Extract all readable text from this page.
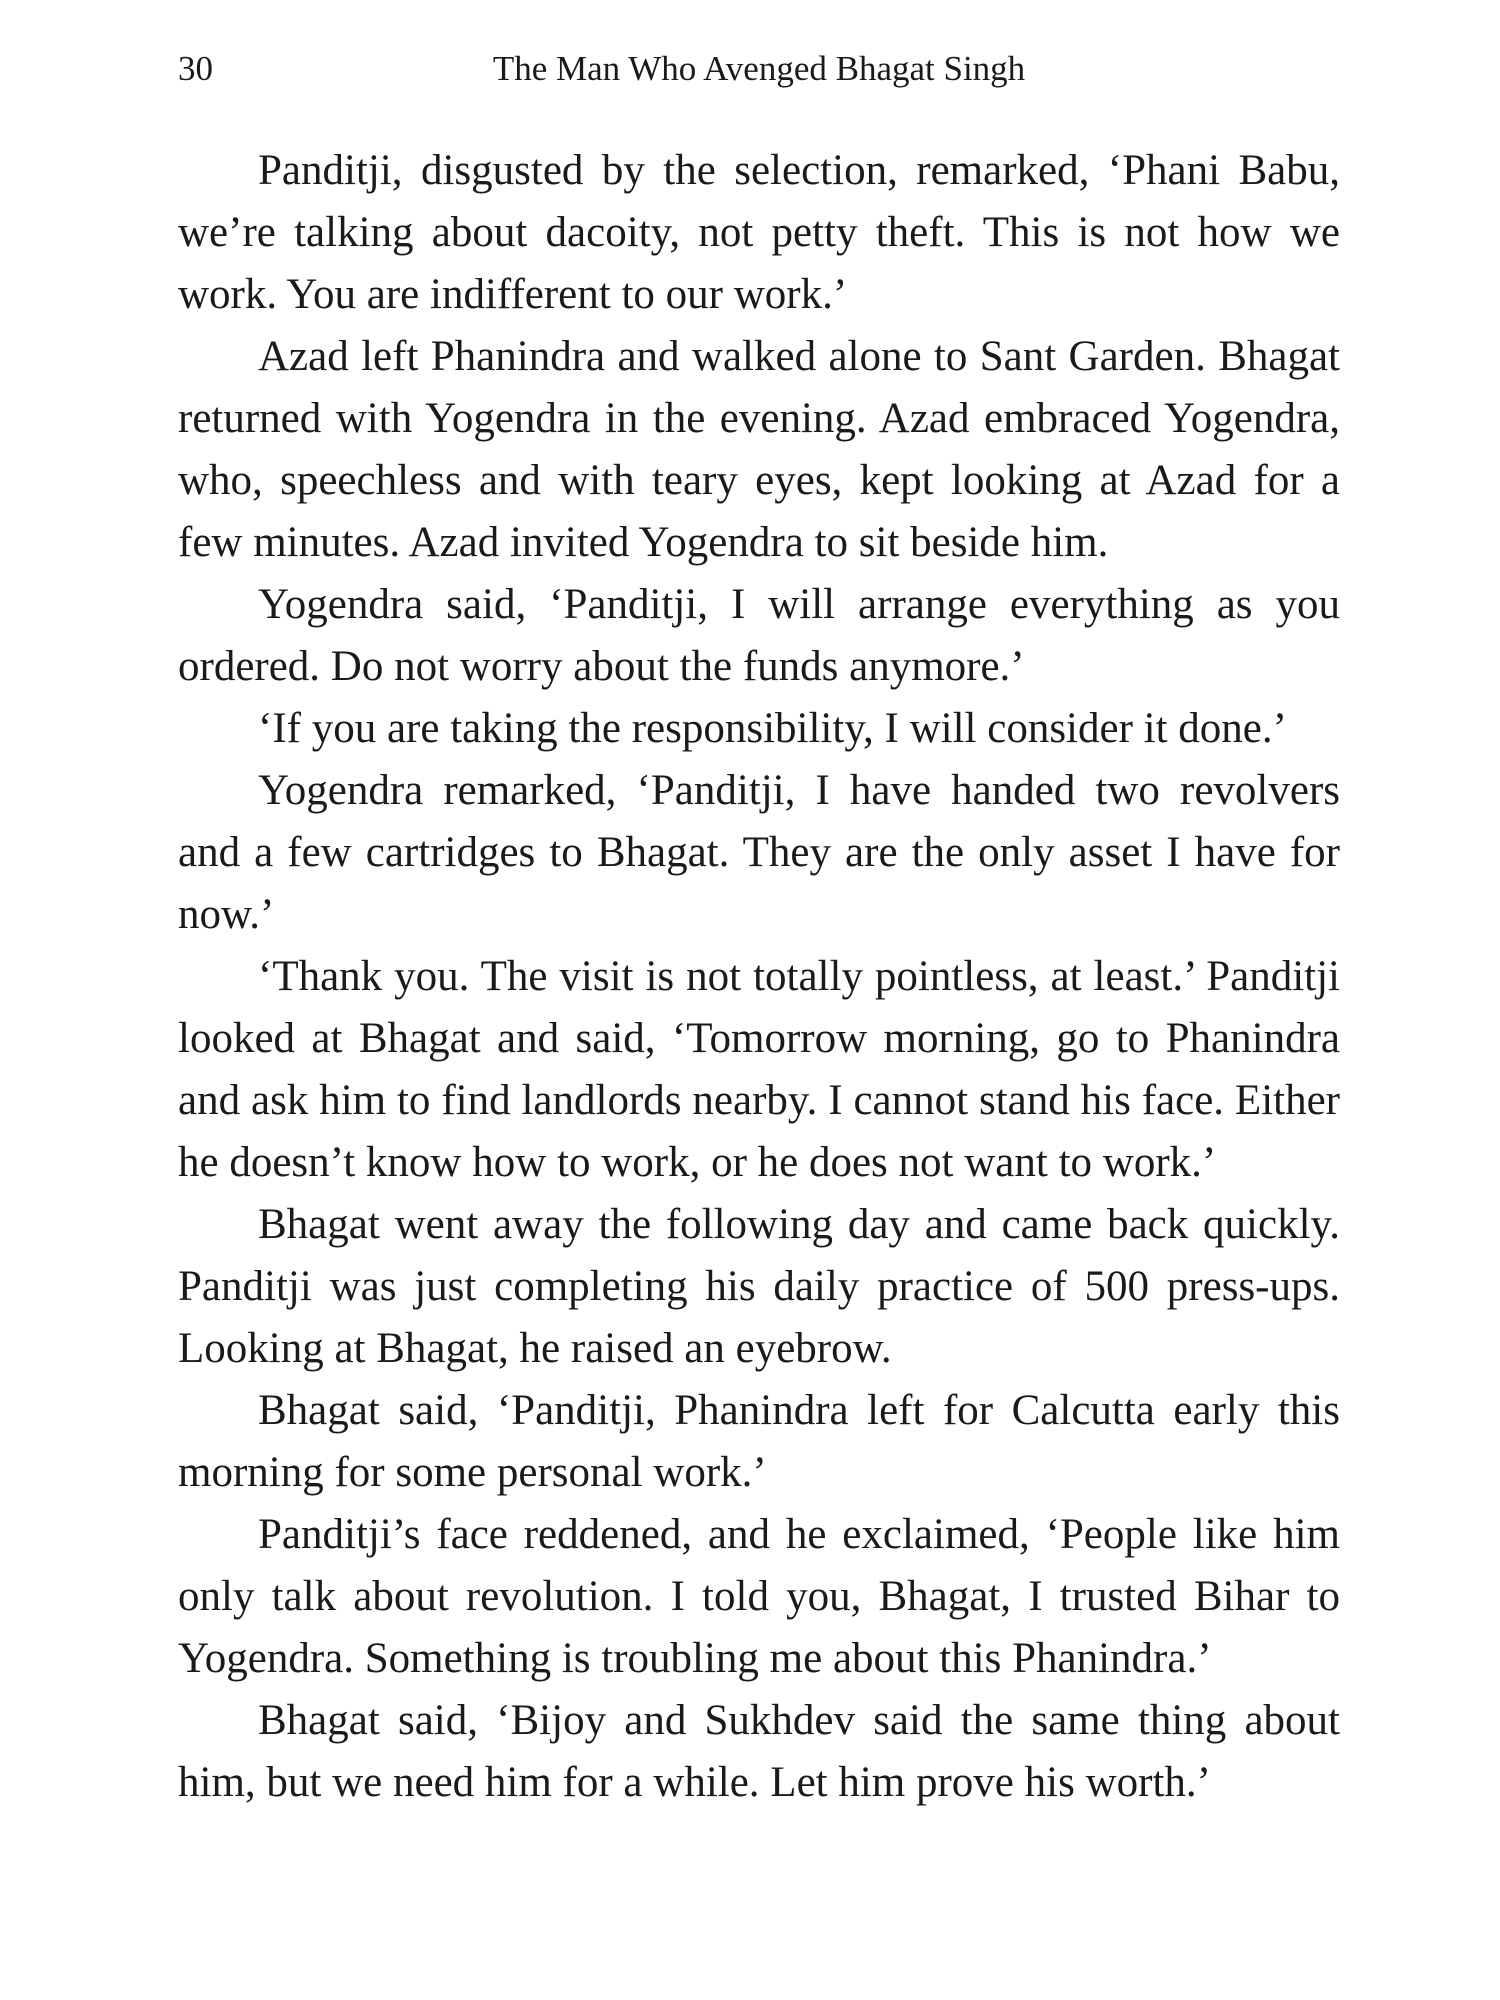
30	The Man Who Avenged Bhagat Singh

Panditji, disgusted by the selection, remarked, ‘Phani Babu, we’re talking about dacoity, not petty theft. This is not how we work. You are indifferent to our work.’

Azad left Phanindra and walked alone to Sant Garden. Bhagat returned with Yogendra in the evening. Azad embraced Yogendra, who, speechless and with teary eyes, kept looking at Azad for a few minutes. Azad invited Yogendra to sit beside him.

Yogendra said, ‘Panditji, I will arrange everything as you ordered. Do not worry about the funds anymore.’

‘If you are taking the responsibility, I will consider it done.’

Yogendra remarked, ‘Panditji, I have handed two revolvers and a few cartridges to Bhagat. They are the only asset I have for now.’

‘Thank you. The visit is not totally pointless, at least.’ Panditji looked at Bhagat and said, ‘Tomorrow morning, go to Phanindra and ask him to find landlords nearby. I cannot stand his face. Either he doesn’t know how to work, or he does not want to work.’

Bhagat went away the following day and came back quickly. Panditji was just completing his daily practice of 500 press-ups. Looking at Bhagat, he raised an eyebrow.

Bhagat said, ‘Panditji, Phanindra left for Calcutta early this morning for some personal work.’

Panditji’s face reddened, and he exclaimed, ‘People like him only talk about revolution. I told you, Bhagat, I trusted Bihar to Yogendra. Something is troubling me about this Phanindra.’

Bhagat said, ‘Bijoy and Sukhdev said the same thing about him, but we need him for a while. Let him prove his worth.’
